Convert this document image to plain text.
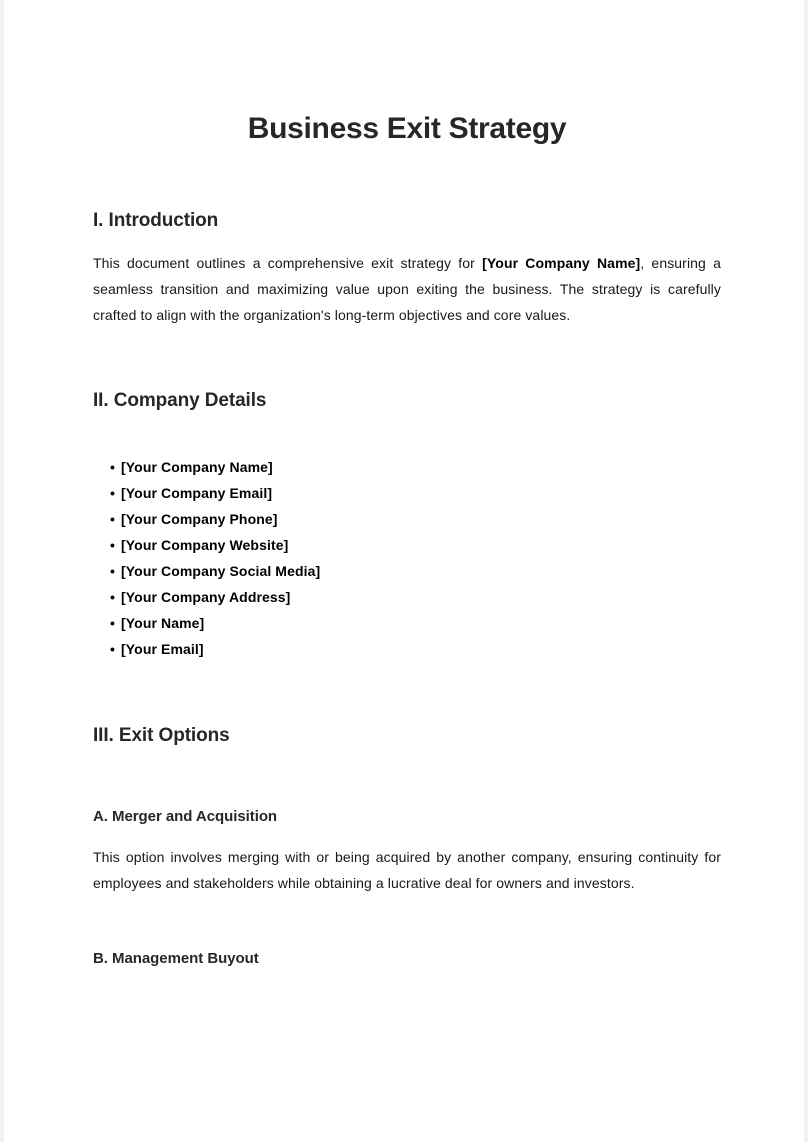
Business Exit Strategy
I. Introduction

This document outlines a comprehensive exit strategy for [Your Company Name], ensuring a seamless transition and maximizing value upon exiting the business. The strategy is carefully crafted to align with the organization's long-term objectives and core values.

II. Company Details
• [Your Company Name]
• [Your Company Email]
• [Your Company Phone]
• [Your Company Website]
• [Your Company Social Media]
• [Your Company Address]
• [Your Name]
• [Your Email]
III. Exit Options
A. Merger and Acquisition

This option involves merging with or being acquired by another company, ensuring continuity for employees and stakeholders while obtaining a lucrative deal for owners and investors.

B. Management Buyout
